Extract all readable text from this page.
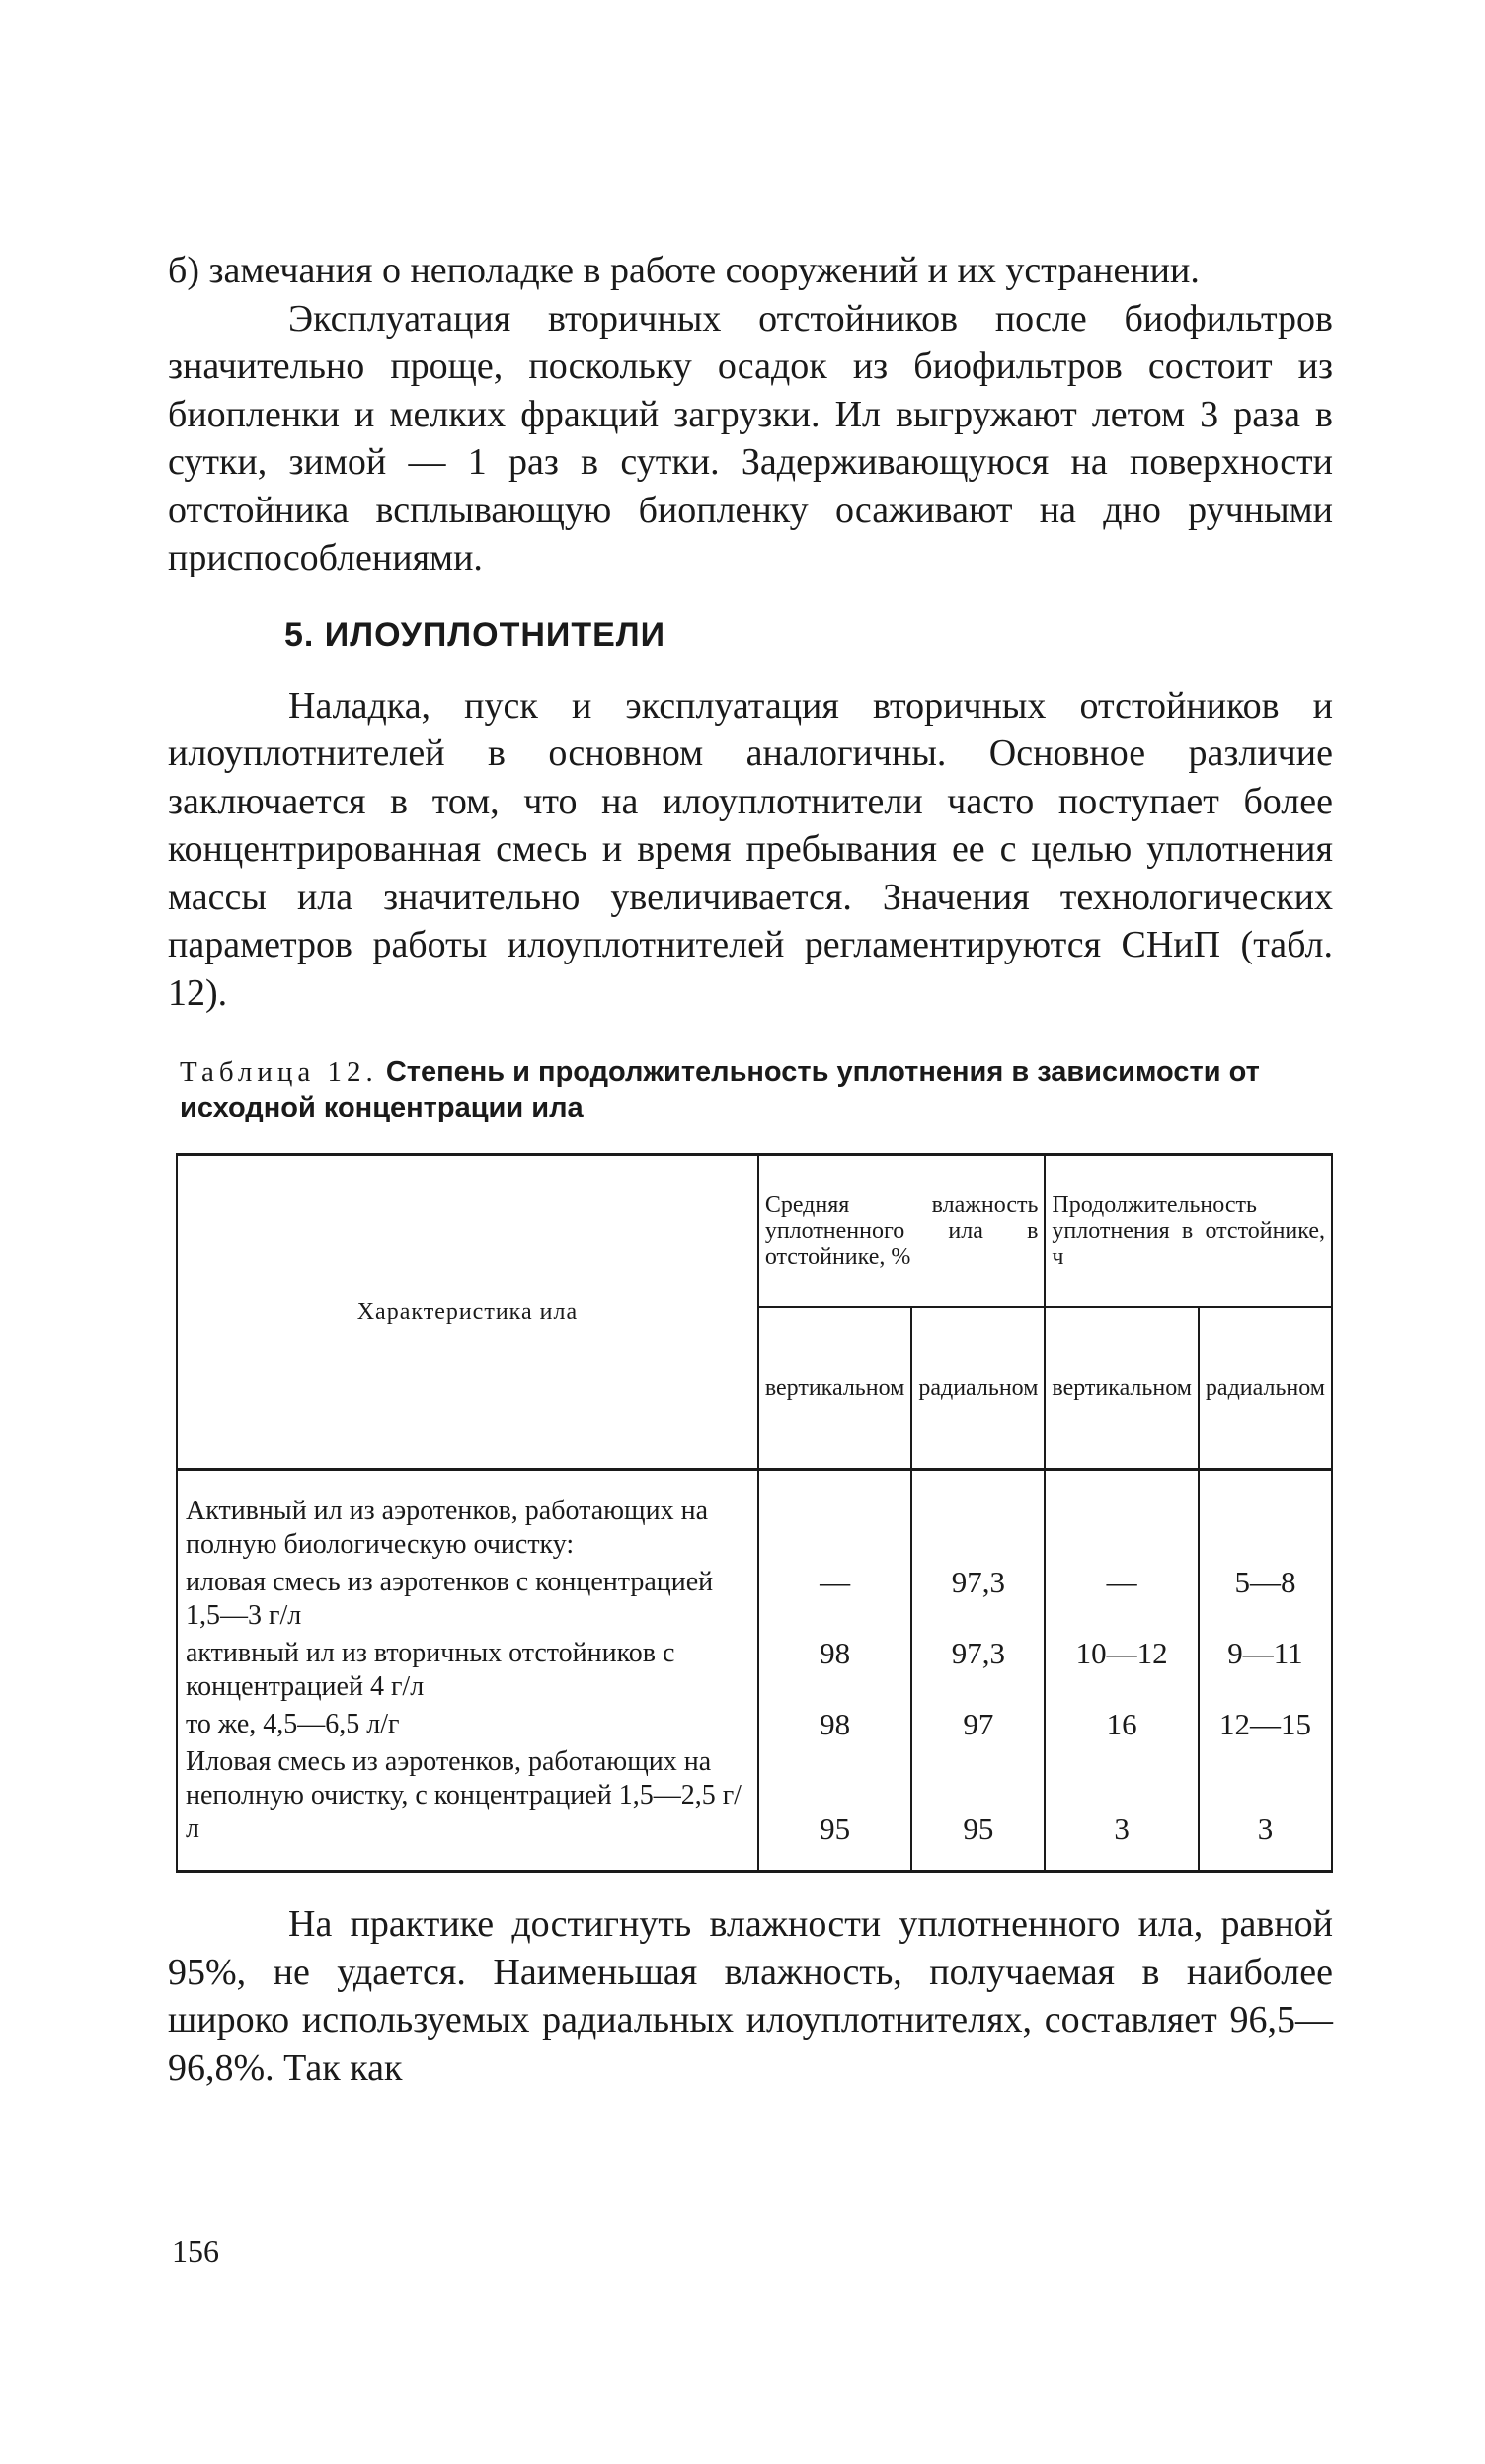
б) замечания о неполадке в работе сооружений и их устранении.

Эксплуатация вторичных отстойников после биофильтров значительно проще, поскольку осадок из биофильтров состоит из биопленки и мелких фракций загрузки. Ил выгружают летом 3 раза в сутки, зимой — 1 раз в сутки. Задерживающуюся на поверхности отстойника всплывающую биопленку осаживают на дно ручными приспособлениями.

5. ИЛОУПЛОТНИТЕЛИ

Наладка, пуск и эксплуатация вторичных отстойников и илоуплотнителей в основном аналогичны. Основное различие заключается в том, что на илоуплотнители часто поступает более концентрированная смесь и время пребывания ее с целью уплотнения массы ила значительно увеличивается. Значения технологических параметров работы илоуплотнителей регламентируются СНиП (табл. 12).

Таблица 12. Степень и продолжительность уплотнения в зависимости от исходной концентрации ила
Характеристика ила	Средняя влажность уплотненного ила в отстойнике, %		Продолжительность уплотнения в отстойнике, ч	
	вертикальном	радиальном	вертикальном	радиальном
Активный ил из аэротенков, работающих на полную биологическую очистку:				
иловая смесь из аэротенков с концентрацией 1,5—3 г/л	—	97,3	—	5—8
активный ил из вторичных отстойников с концентрацией 4 г/л	98	97,3	10—12	9—11
то же, 4,5—6,5 л/г	98	97	16	12—15
Иловая смесь из аэротенков, работающих на неполную очистку, с концентрацией 1,5—2,5 г/л	95	95	3	3

На практике достигнуть влажности уплотненного ила, равной 95%, не удается. Наименьшая влажность, получаемая в наиболее широко используемых радиальных илоуплотнителях, составляет 96,5—96,8%. Так как

156
